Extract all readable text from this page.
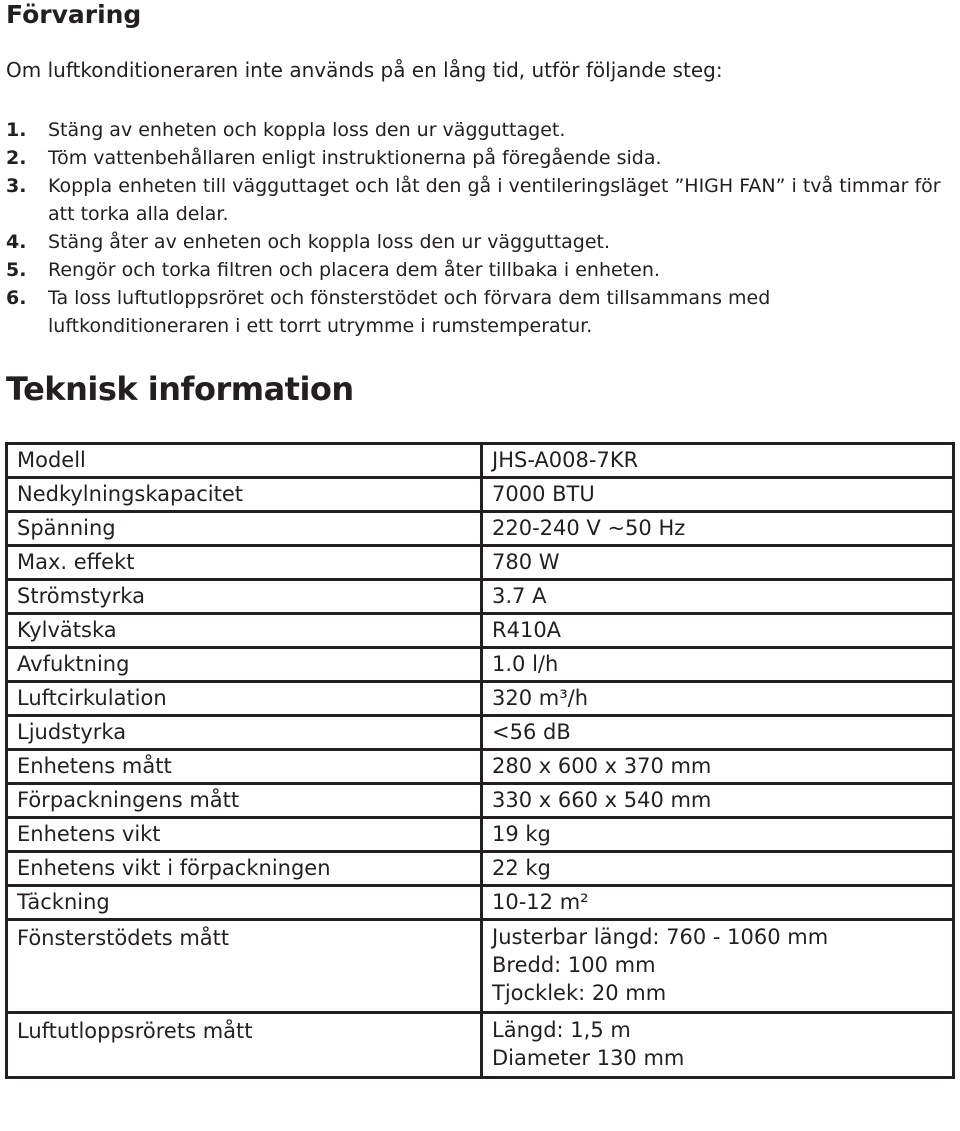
Förvaring
Om luftkonditioneraren inte används på en lång tid, utför följande steg:
1.	Stäng av enheten och koppla loss den ur vägguttaget.
2.	Töm vattenbehållaren enligt instruktionerna på föregående sida.
3.	Koppla enheten till vägguttaget och låt den gå i ventileringsläget ”HIGH FAN” i två timmar för att torka alla delar.
4.	Stäng åter av enheten och koppla loss den ur vägguttaget.
5.	Rengör och torka filtren och placera dem åter tillbaka i enheten.
6.	Ta loss luftutloppsröret och fönsterstödet och förvara dem tillsammans med luftkonditioneraren i ett torrt utrymme i rumstemperatur.
Teknisk information
Modell	JHS-A008-7KR
Nedkylningskapacitet	7000 BTU
Spänning	220-240 V ~50 Hz
Max. effekt	780 W
Strömstyrka	3.7 A
Kylvätska	R410A
Avfuktning	1.0 l/h
Luftcirkulation	320 m³/h
Ljudstyrka	<56 dB
Enhetens mått	280 x 600 x 370 mm
Förpackningens mått	330 x 660 x 540 mm
Enhetens vikt	19 kg
Enhetens vikt i förpackningen	22 kg
Täckning	10-12 m²
Fönsterstödets mått	Justerbar längd: 760 - 1060 mm
Bredd: 100 mm
Tjocklek: 20 mm

Luftutloppsrörets mått	Längd: 1,5 m
Diameter 130 mm
